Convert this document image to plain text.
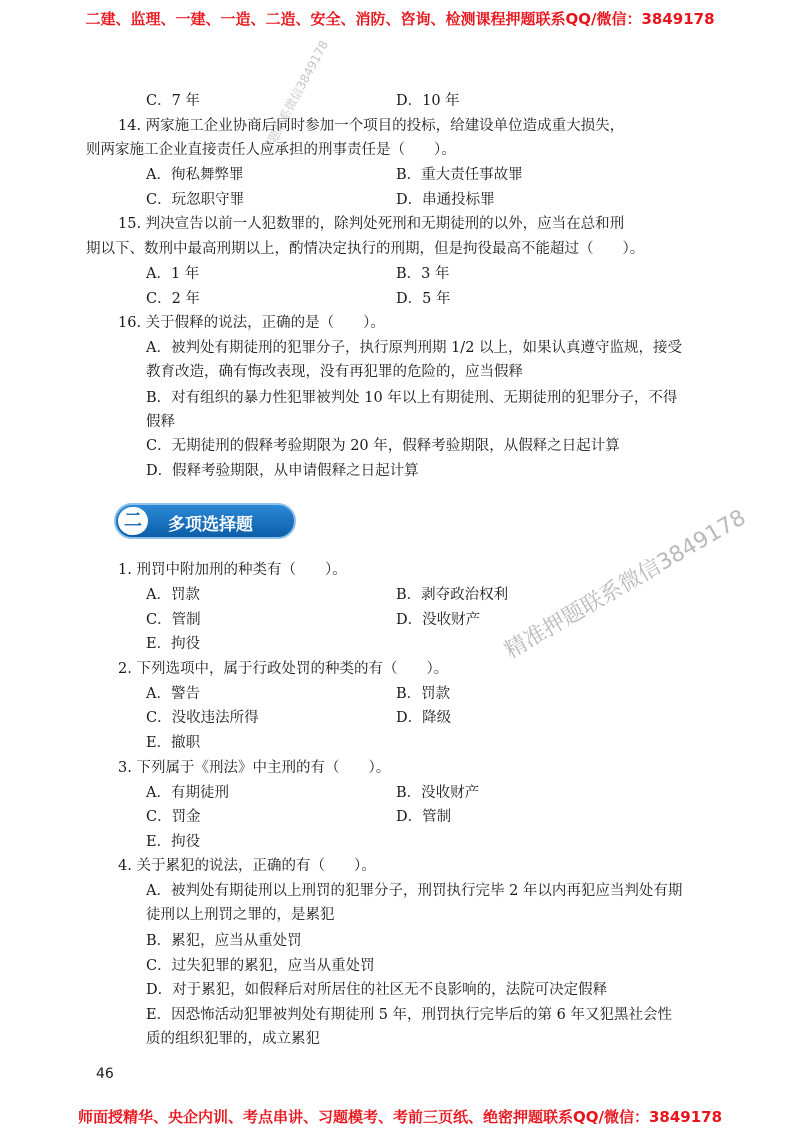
二建、监理、一建、一造、二造、安全、消防、咨询、检测课程押题联系QQ/微信：3849178
押题联系微信3849178
C．7 年	D．10 年
14. 两家施工企业协商后同时参加一个项目的投标，给建设单位造成重大损失，
则两家施工企业直接责任人应承担的刑事责任是（　　）。
A．徇私舞弊罪	B．重大责任事故罪
C．玩忽职守罪	D．串通投标罪
15. 判决宣告以前一人犯数罪的，除判处死刑和无期徒刑的以外，应当在总和刑
期以下、数刑中最高刑期以上，酌情决定执行的刑期，但是拘役最高不能超过（　　）。
A．1 年	B．3 年
C．2 年	D．5 年
16. 关于假释的说法，正确的是（　　）。
A．被判处有期徒刑的犯罪分子，执行原判刑期 1/2 以上，如果认真遵守监规，接受教育改造，确有悔改表现，没有再犯罪的危险的，应当假释
B．对有组织的暴力性犯罪被判处 10 年以上有期徒刑、无期徒刑的犯罪分子，不得假释
C．无期徒刑的假释考验期限为 20 年，假释考验期限，从假释之日起计算
D．假释考验期限，从申请假释之日起计算
二	多项选择题
1. 刑罚中附加刑的种类有（　　）。
A．罚款	B．剥夺政治权利
C．管制	D．没收财产
E．拘役
2. 下列选项中，属于行政处罚的种类的有（　　）。
A．警告	B．罚款
C．没收违法所得	D．降级
E．撤职
3. 下列属于《刑法》中主刑的有（　　）。
A．有期徒刑	B．没收财产
C．罚金	D．管制
E．拘役
4. 关于累犯的说法，正确的有（　　）。
A．被判处有期徒刑以上刑罚的犯罪分子，刑罚执行完毕 2 年以内再犯应当判处有期徒刑以上刑罚之罪的，是累犯
B．累犯，应当从重处罚
C．过失犯罪的累犯，应当从重处罚
D．对于累犯，如假释后对所居住的社区无不良影响的，法院可决定假释
E．因恐怖活动犯罪被判处有期徒刑 5 年，刑罚执行完毕后的第 6 年又犯黑社会性质的组织犯罪的，成立累犯
精准押题联系微信3849178
46
师面授精华、央企内训、考点串讲、习题模考、考前三页纸、绝密押题联系QQ/微信：3849178
